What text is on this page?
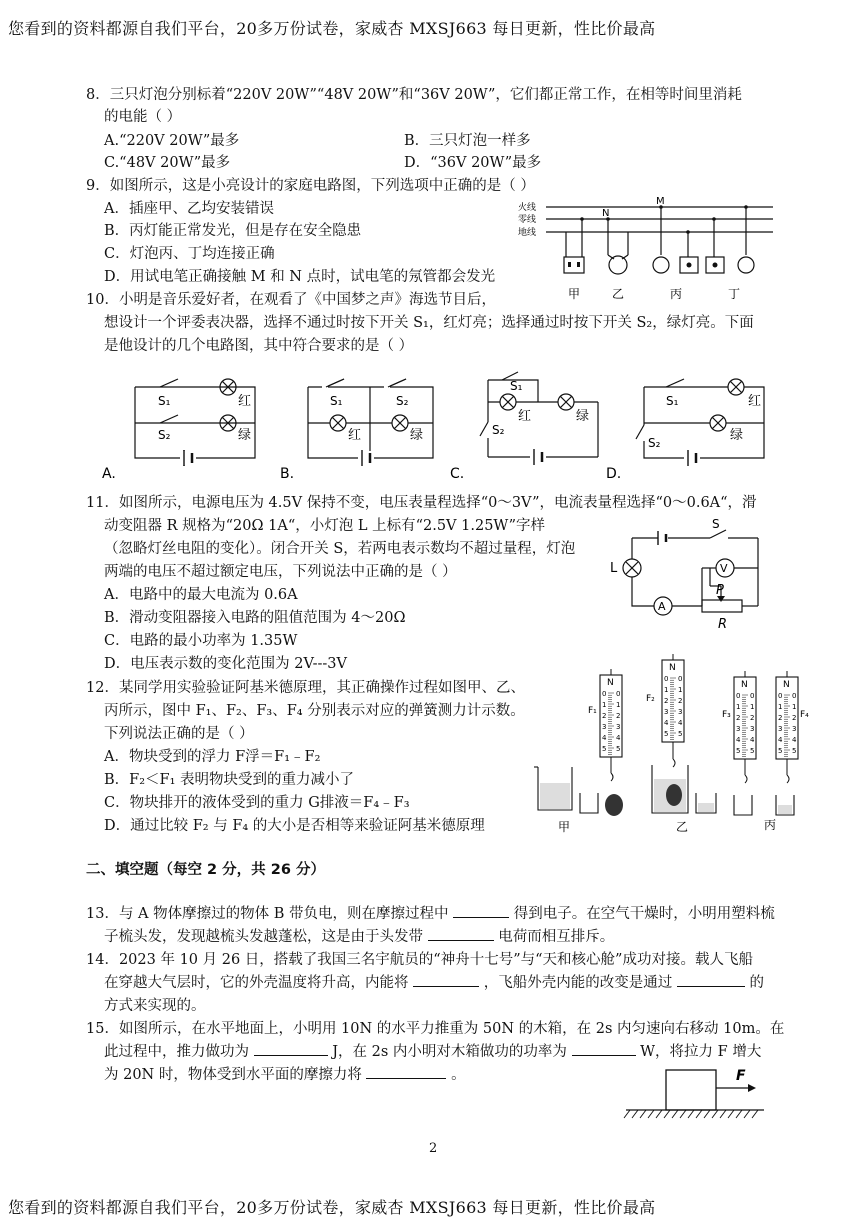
您看到的资料都源自我们平台，20多万份试卷，家威杏 MXSJ663 每日更新，性比价最高
您看到的资料都源自我们平台，20多万份试卷，家威杏 MXSJ663 每日更新，性比价最高
2
8．三只灯泡分别标着“220V 20W”“48V 20W”和“36V 20W”，它们都正常工作，在相等时间里消耗
的电能（ ）
A.“220V 20W”最多	B．三只灯泡一样多
C.“48V 20W”最多	D．“36V 20W”最多
9．如图所示，这是小亮设计的家庭电路图，下列选项中正确的是（ ）
A．插座甲、乙均安装错误
B．丙灯能正常发光，但是存在安全隐患
C．灯泡丙、丁均连接正确
D．用试电笔正确接触 M 和 N 点时，试电笔的氖管都会发光
火线
零线
地线
N
M
甲	乙	丙	丁
10．小明是音乐爱好者，在观看了《中国梦之声》海选节目后，
想设计一个评委表决器，选择不通过时按下开关 S₁，红灯亮；选择通过时按下开关 S₂，绿灯亮。下面
是他设计的几个电路图，其中符合要求的是（ ）
S₁
S₂
红
绿
A.
S₁	S₂
红	绿
B.
S₁
S₂
红	绿
C.
S₁
S₂
红
绿
D.
11．如图所示，电源电压为 4.5V 保持不变，电压表量程选择“0～3V”，电流表量程选择“0～0.6A“，滑
动变阻器 R 规格为“20Ω 1A“，小灯泡 L 上标有“2.5V 1.25W”字样
（忽略灯丝电阻的变化）。闭合开关 S，若两电表示数均不超过量程，灯泡
两端的电压不超过额定电压，下列说法中正确的是（ ）
A．电路中的最大电流为 0.6A
B．滑动变阻器接入电路的阻值范围为 4～20Ω
C．电路的最小功率为 1.35W
D．电压表示数的变化范围为 2V---3V
V
A
S
L
P
R
12．某同学用实验验证阿基米德原理，其正确操作过程如图甲、乙、
丙所示，图中 F₁、F₂、F₃、F₄ 分别表示对应的弹簧测力计示数。
下列说法正确的是（ ）
A．物块受到的浮力 F浮＝F₁﹣F₂
B．F₂＜F₁ 表明物块受到的重力减小了
C．物块排开的液体受到的重力 G排液＝F₄﹣F₃
D．通过比较 F₂ 与 F₄ 的大小是否相等来验证阿基米德原理
N
0 0
1 1
2 2
3 3
4 4
5 5
N
0 0
1 1
2 2
3 3
4 4
5 5
N
0 0
1 1
2 2
3 3
4 4
5 5
N
0 0
1 1
2 2
3 3
4 4
5 5
甲	乙	丙
F₁
F₂
F₃	F₄
二、填空题（每空 2 分，共 26 分）
13．与 A 物体摩擦过的物体 B 带负电，则在摩擦过程中	得到电子。在空气干燥时，小明用塑料梳
子梳头发，发现越梳头发越蓬松，这是由于头发带	电荷而相互排斥。
14．2023 年 10 月 26 日，搭载了我国三名宇航员的“神舟十七号”与“天和核心舱”成功对接。载人飞船
在穿越大气层时，它的外壳温度将升高，内能将	，飞船外壳内能的改变是通过	的
方式来实现的。
15．如图所示，在水平地面上，小明用 10N 的水平力推重为 50N 的木箱，在 2s 内匀速向右移动 10m。在
此过程中，推力做功为	J，在 2s 内小明对木箱做功的功率为	W，将拉力 F 增大
为 20N 时，物体受到水平面的摩擦力将	。	F
